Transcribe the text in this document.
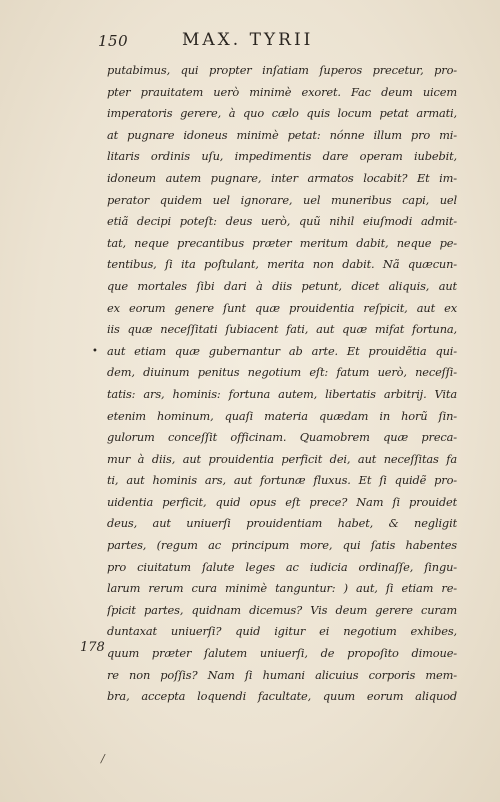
150	MAX. TYRII
•
putabimus, qui propter inſatiam ſuperos precetur, pro-
pter prauitatem uerò minimè exoret. Fac deum uicem
imperatoris gerere, à quo cælo quis locum petat armati,
at pugnare idoneus minimè petat: nónne illum pro mi-
litaris ordinis uſu, impedimentis dare operam iubebit,
idoneum autem pugnare, inter armatos locabit? Et im-
perator quidem uel ignorare, uel muneribus capi, uel
etiã decipi poteſt: deus uerò, quũ nihil eiuſmodi admit-
tat, neque precantibus præter meritum dabit, neque pe-
tentibus, ſi ita poſtulant, merita non dabit. Nã quæcun-
que mortales ſibi dari à diis petunt, dicet aliquis, aut
ex eorum genere ſunt quæ prouidentia reſpicit, aut ex
iis quæ neceſſitati ſubiacent fati, aut quæ mifat fortuna,
aut etiam quæ gubernantur ab arte. Et prouidẽtia qui-
dem, diuinum penitus negotium eſt: fatum uerò, neceſſi-
tatis: ars, hominis: fortuna autem, libertatis arbitrij. Vita
etenim hominum, quaſi materia quædam in horũ ſin-
gulorum conceſſit officinam. Quamobrem quæ preca-
mur à diis, aut prouidentia perficit dei, aut neceſſitas fa
ti, aut hominis ars, aut fortunæ fluxus. Et ſi quidẽ pro-
uidentia perficit, quid opus eſt prece? Nam ſi prouidet
deus, aut uniuerſi prouidentiam habet, & negligit
partes, (regum ac principum more, qui ſatis habentes
pro ciuitatum ſalute leges ac iudicia ordinaſſe, ſingu-
larum rerum cura minimè tanguntur: ) aut, ſi etiam re-
ſpicit partes, quidnam dicemus? Vis deum gerere curam
duntaxat uniuerſi? quid igitur ei negotium exhibes,
quum præter ſalutem uniuerſi, de propoſito dimoue-
re non poſſis? Nam ſi humani alicuius corporis mem-
bra, accepta loquendi facultate, quum eorum aliquod
178
/
